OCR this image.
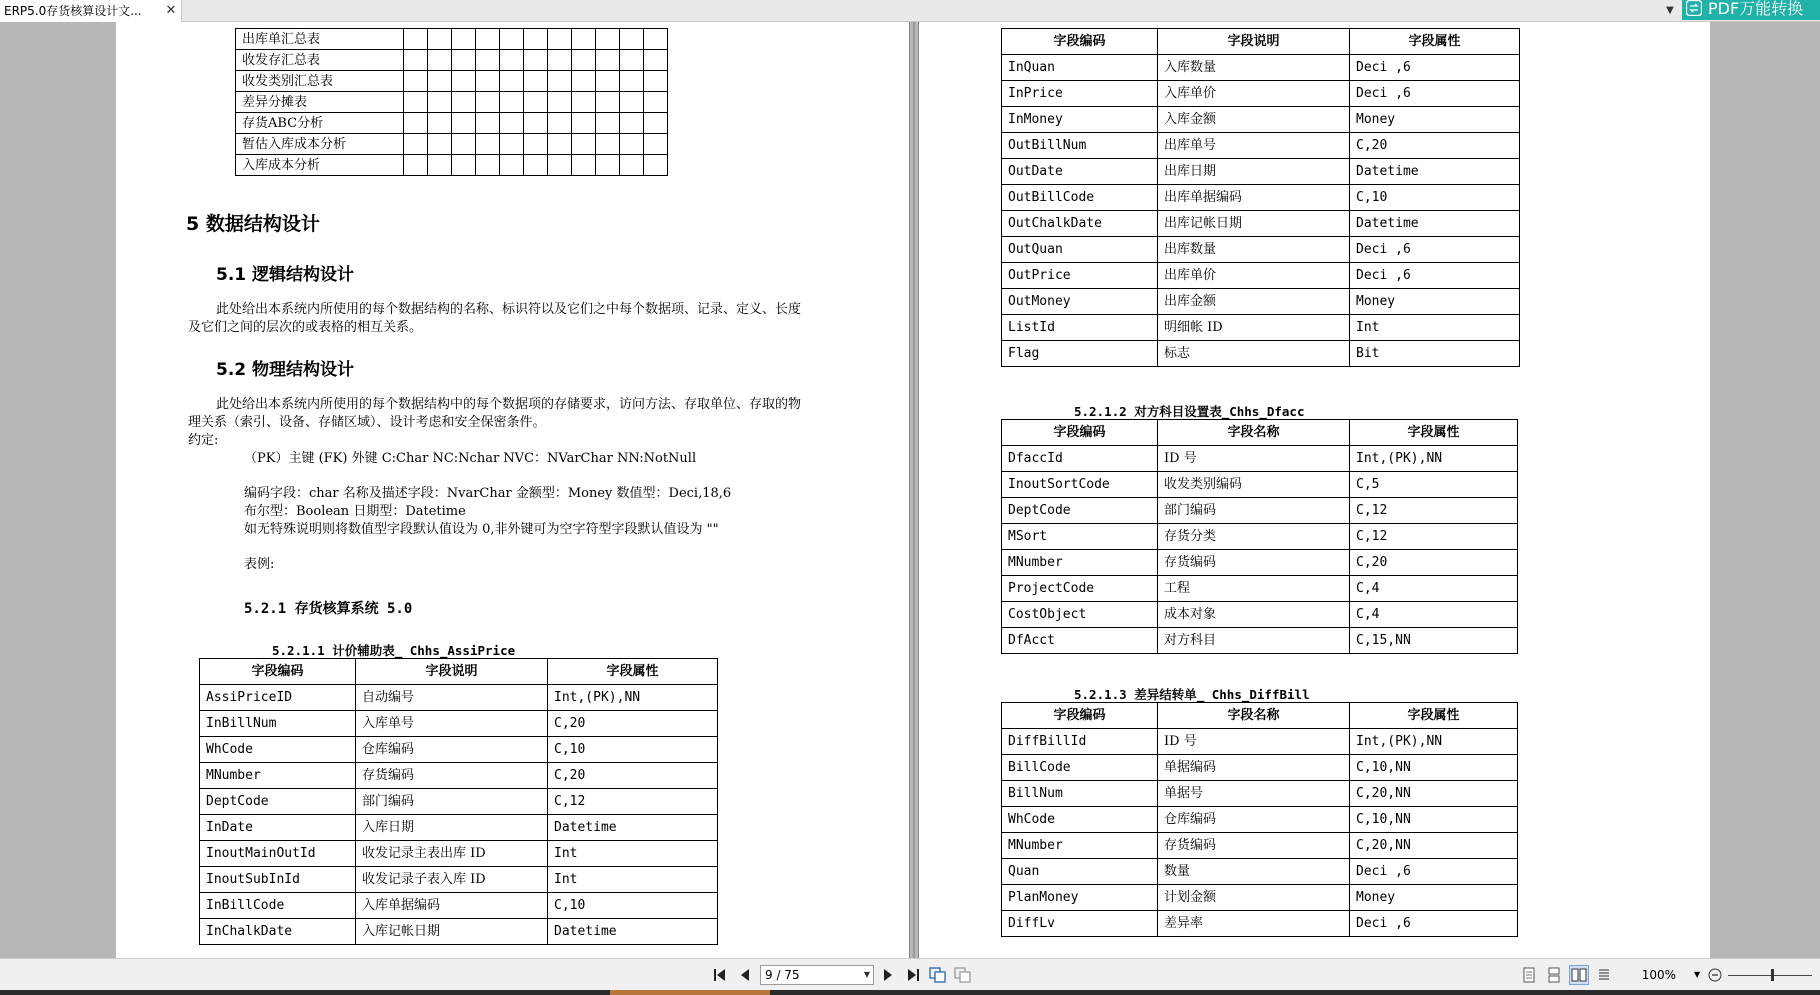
ERP5.0存货核算设计文...	✕	▼	PDF万能转换
出库单汇总表											
收发存汇总表											
收发类别汇总表											
差异分摊表											
存货ABC分析											
暂估入库成本分析											
入库成本分析											
5 数据结构设计
5.1 逻辑结构设计
此处给出本系统内所使用的每个数据结构的名称、标识符以及它们之中每个数据项、记录、定义、长度
及它们之间的层次的或表格的相互关系。
5.2 物理结构设计
此处给出本系统内所使用的每个数据结构中的每个数据项的存储要求，访问方法、存取单位、存取的物
理关系（索引、设备、存储区域）、设计考虑和安全保密条件。
约定:
（PK）主键 (FK) 外键 C:Char NC:Nchar NVC：NVarChar NN:NotNull
编码字段：char 名称及描述字段：NvarChar 金额型：Money 数值型：Deci,18,6
布尔型：Boolean 日期型：Datetime
如无特殊说明则将数值型字段默认值设为 0,非外键可为空字符型字段默认值设为 ""
表例:
5.2.1 存货核算系统 5.0
5.2.1.1 计价辅助表_ Chhs_AssiPrice
字段编码	字段说明	字段属性
AssiPriceID	自动编号	Int,(PK),NN
InBillNum	入库单号	C,20
WhCode	仓库编码	C,10
MNumber	存货编码	C,20
DeptCode	部门编码	C,12
InDate	入库日期	Datetime
InoutMainOutId	收发记录主表出库 ID	Int
InoutSubInId	收发记录子表入库 ID	Int
InBillCode	入库单据编码	C,10
InChalkDate	入库记帐日期	Datetime
字段编码	字段说明	字段属性
InQuan	入库数量	Deci ,6
InPrice	入库单价	Deci ,6
InMoney	入库金额	Money
OutBillNum	出库单号	C,20
OutDate	出库日期	Datetime
OutBillCode	出库单据编码	C,10
OutChalkDate	出库记帐日期	Datetime
OutQuan	出库数量	Deci ,6
OutPrice	出库单价	Deci ,6
OutMoney	出库金额	Money
ListId	明细帐 ID	Int
Flag	标志	Bit
5.2.1.2 对方科目设置表_Chhs_Dfacc
字段编码	字段名称	字段属性
DfaccId	ID 号	Int,(PK),NN
InoutSortCode	收发类别编码	C,5
DeptCode	部门编码	C,12
MSort	存货分类	C,12
MNumber	存货编码	C,20
ProjectCode	工程	C,4
CostObject	成本对象	C,4
DfAcct	对方科目	C,15,NN
5.2.1.3 差异结转单_ Chhs_DiffBill
字段编码	字段名称	字段属性
DiffBillId	ID 号	Int,(PK),NN
BillCode	单据编码	C,10,NN
BillNum	单据号	C,20,NN
WhCode	仓库编码	C,10,NN
MNumber	存货编码	C,20,NN
Quan	数量	Deci ,6
PlanMoney	计划金额	Money
DiffLv	差异率	Deci ,6
9 / 75	▼	100% ▼
